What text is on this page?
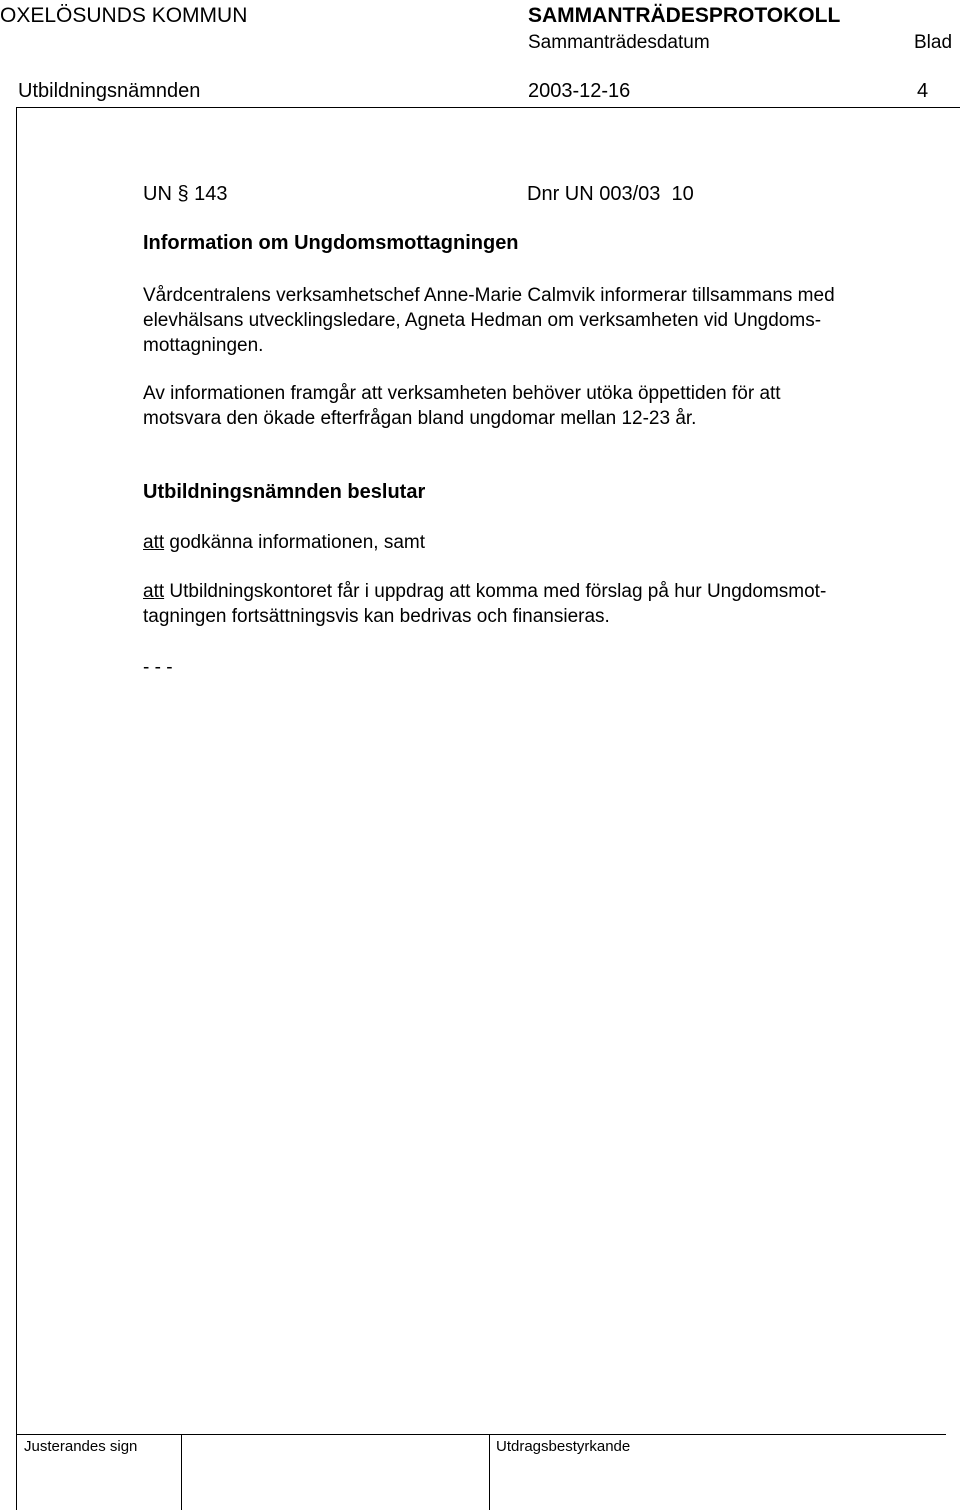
OXELÖSUNDS KOMMUN	SAMMANTRÄDESPROTOKOLL
Sammanträdesdatum	Blad
Utbildningsnämnden	2003-12-16	4
UN § 143	Dnr UN 003/03  10
Information om Ungdomsmottagningen
Vårdcentralens verksamhetschef Anne-Marie Calmvik informerar tillsammans med
elevhälsans utvecklingsledare, Agneta Hedman om verksamheten vid Ungdoms-
mottagningen.
Av informationen framgår att verksamheten behöver utöka öppettiden för att
motsvara den ökade efterfrågan bland ungdomar mellan 12-23 år.
Utbildningsnämnden beslutar
att godkänna informationen, samt
att Utbildningskontoret får i uppdrag att komma med förslag på hur Ungdomsmot-
tagningen fortsättningsvis kan bedrivas och finansieras.
- - -
Justerandes sign	Utdragsbestyrkande
